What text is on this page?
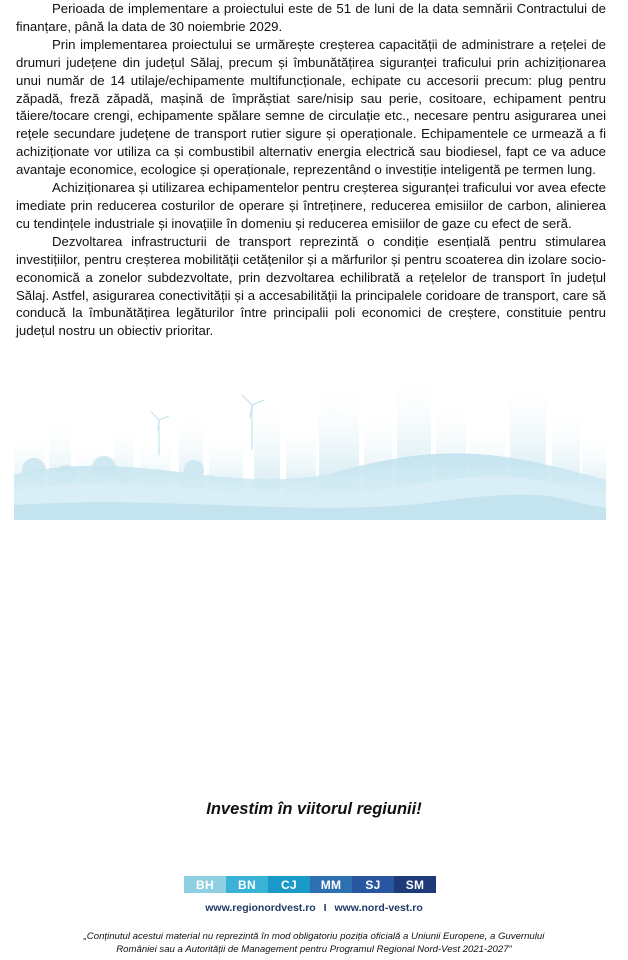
Perioada de implementare a proiectului este de 51 de luni de la data semnării Contractului de finanțare, până la data de 30 noiembrie 2029.

Prin implementarea proiectului se urmărește creșterea capacității de administrare a rețelei de drumuri județene din județul Sălaj, precum și îmbunătățirea siguranței traficului prin achiziționarea unui număr de 14 utilaje/echipamente multifuncționale, echipate cu accesorii precum: plug pentru zăpadă, freză zăpadă, mașină de împrăștiat sare/nisip sau perie, cositoare, echipament pentru tăiere/tocare crengi, echipamente spălare semne de circulație etc., necesare pentru asigurarea unei rețele secundare județene de transport rutier sigure și operaționale. Echipamentele ce urmează a fi achiziționate vor utiliza ca și combustibil alternativ energia electrică sau biodiesel, fapt ce va aduce avantaje economice, ecologice și operaționale, reprezentând o investiție inteligentă pe termen lung.

Achiziționarea și utilizarea echipamentelor pentru creșterea siguranței traficului vor avea efecte imediate prin reducerea costurilor de operare și întreținere, reducerea emisiilor de carbon, alinierea cu tendințele industriale și inovațiile în domeniu și reducerea emisiilor de gaze cu efect de seră.

Dezvoltarea infrastructurii de transport reprezintă o condiție esențială pentru stimularea investițiilor, pentru creșterea mobilității cetățenilor și a mărfurilor și pentru scoaterea din izolare socio-economică a zonelor subdezvoltate, prin dezvoltarea echilibrată a rețelelor de transport în județul Sălaj. Astfel, asigurarea conectivității și a accesabilității la principalele coridoare de transport, care să conducă la îmbunătățirea legăturilor între principalii poli economici de creștere, constituie pentru județul nostru un obiectiv prioritar.

Investim în viitorul regiunii!
BH	BN	CJ	MM	SJ	SM
www.regionordvest.ro I www.nord-vest.ro
„Conținutul acestui material nu reprezintă în mod obligatoriu poziția oficială a Uniunii Europene, a Guvernului
României sau a Autorității de Management pentru Programul Regional Nord-Vest 2021-2027”
